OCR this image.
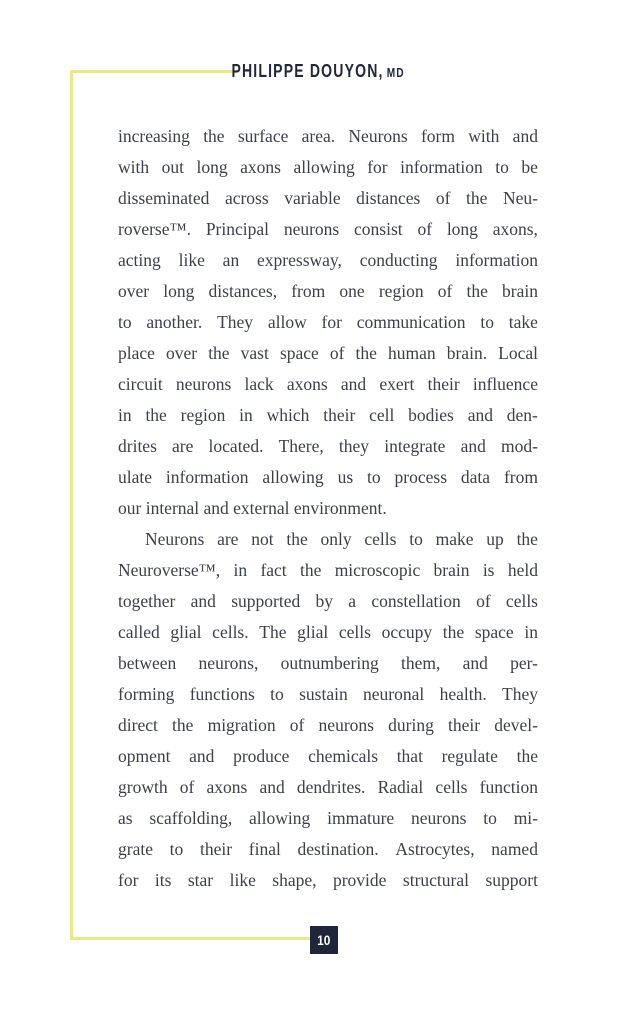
PHILIPPE DOUYON, MD
increasing the surface area. Neurons form with and
with out long axons allowing for information to be
disseminated across variable distances of the Neu-
roverse™. Principal neurons consist of long axons,
acting like an expressway, conducting information
over long distances, from one region of the brain
to another. They allow for communication to take
place over the vast space of the human brain. Local
circuit neurons lack axons and exert their influence
in the region in which their cell bodies and den-
drites are located. There, they integrate and mod-
ulate information allowing us to process data from
our internal and external environment.
Neurons are not the only cells to make up the
Neuroverse™, in fact the microscopic brain is held
together and supported by a constellation of cells
called glial cells. The glial cells occupy the space in
between neurons, outnumbering them, and per-
forming functions to sustain neuronal health. They
direct the migration of neurons during their devel-
opment and produce chemicals that regulate the
growth of axons and dendrites. Radial cells function
as scaffolding, allowing immature neurons to mi-
grate to their final destination. Astrocytes, named
for its star like shape, provide structural support
10
